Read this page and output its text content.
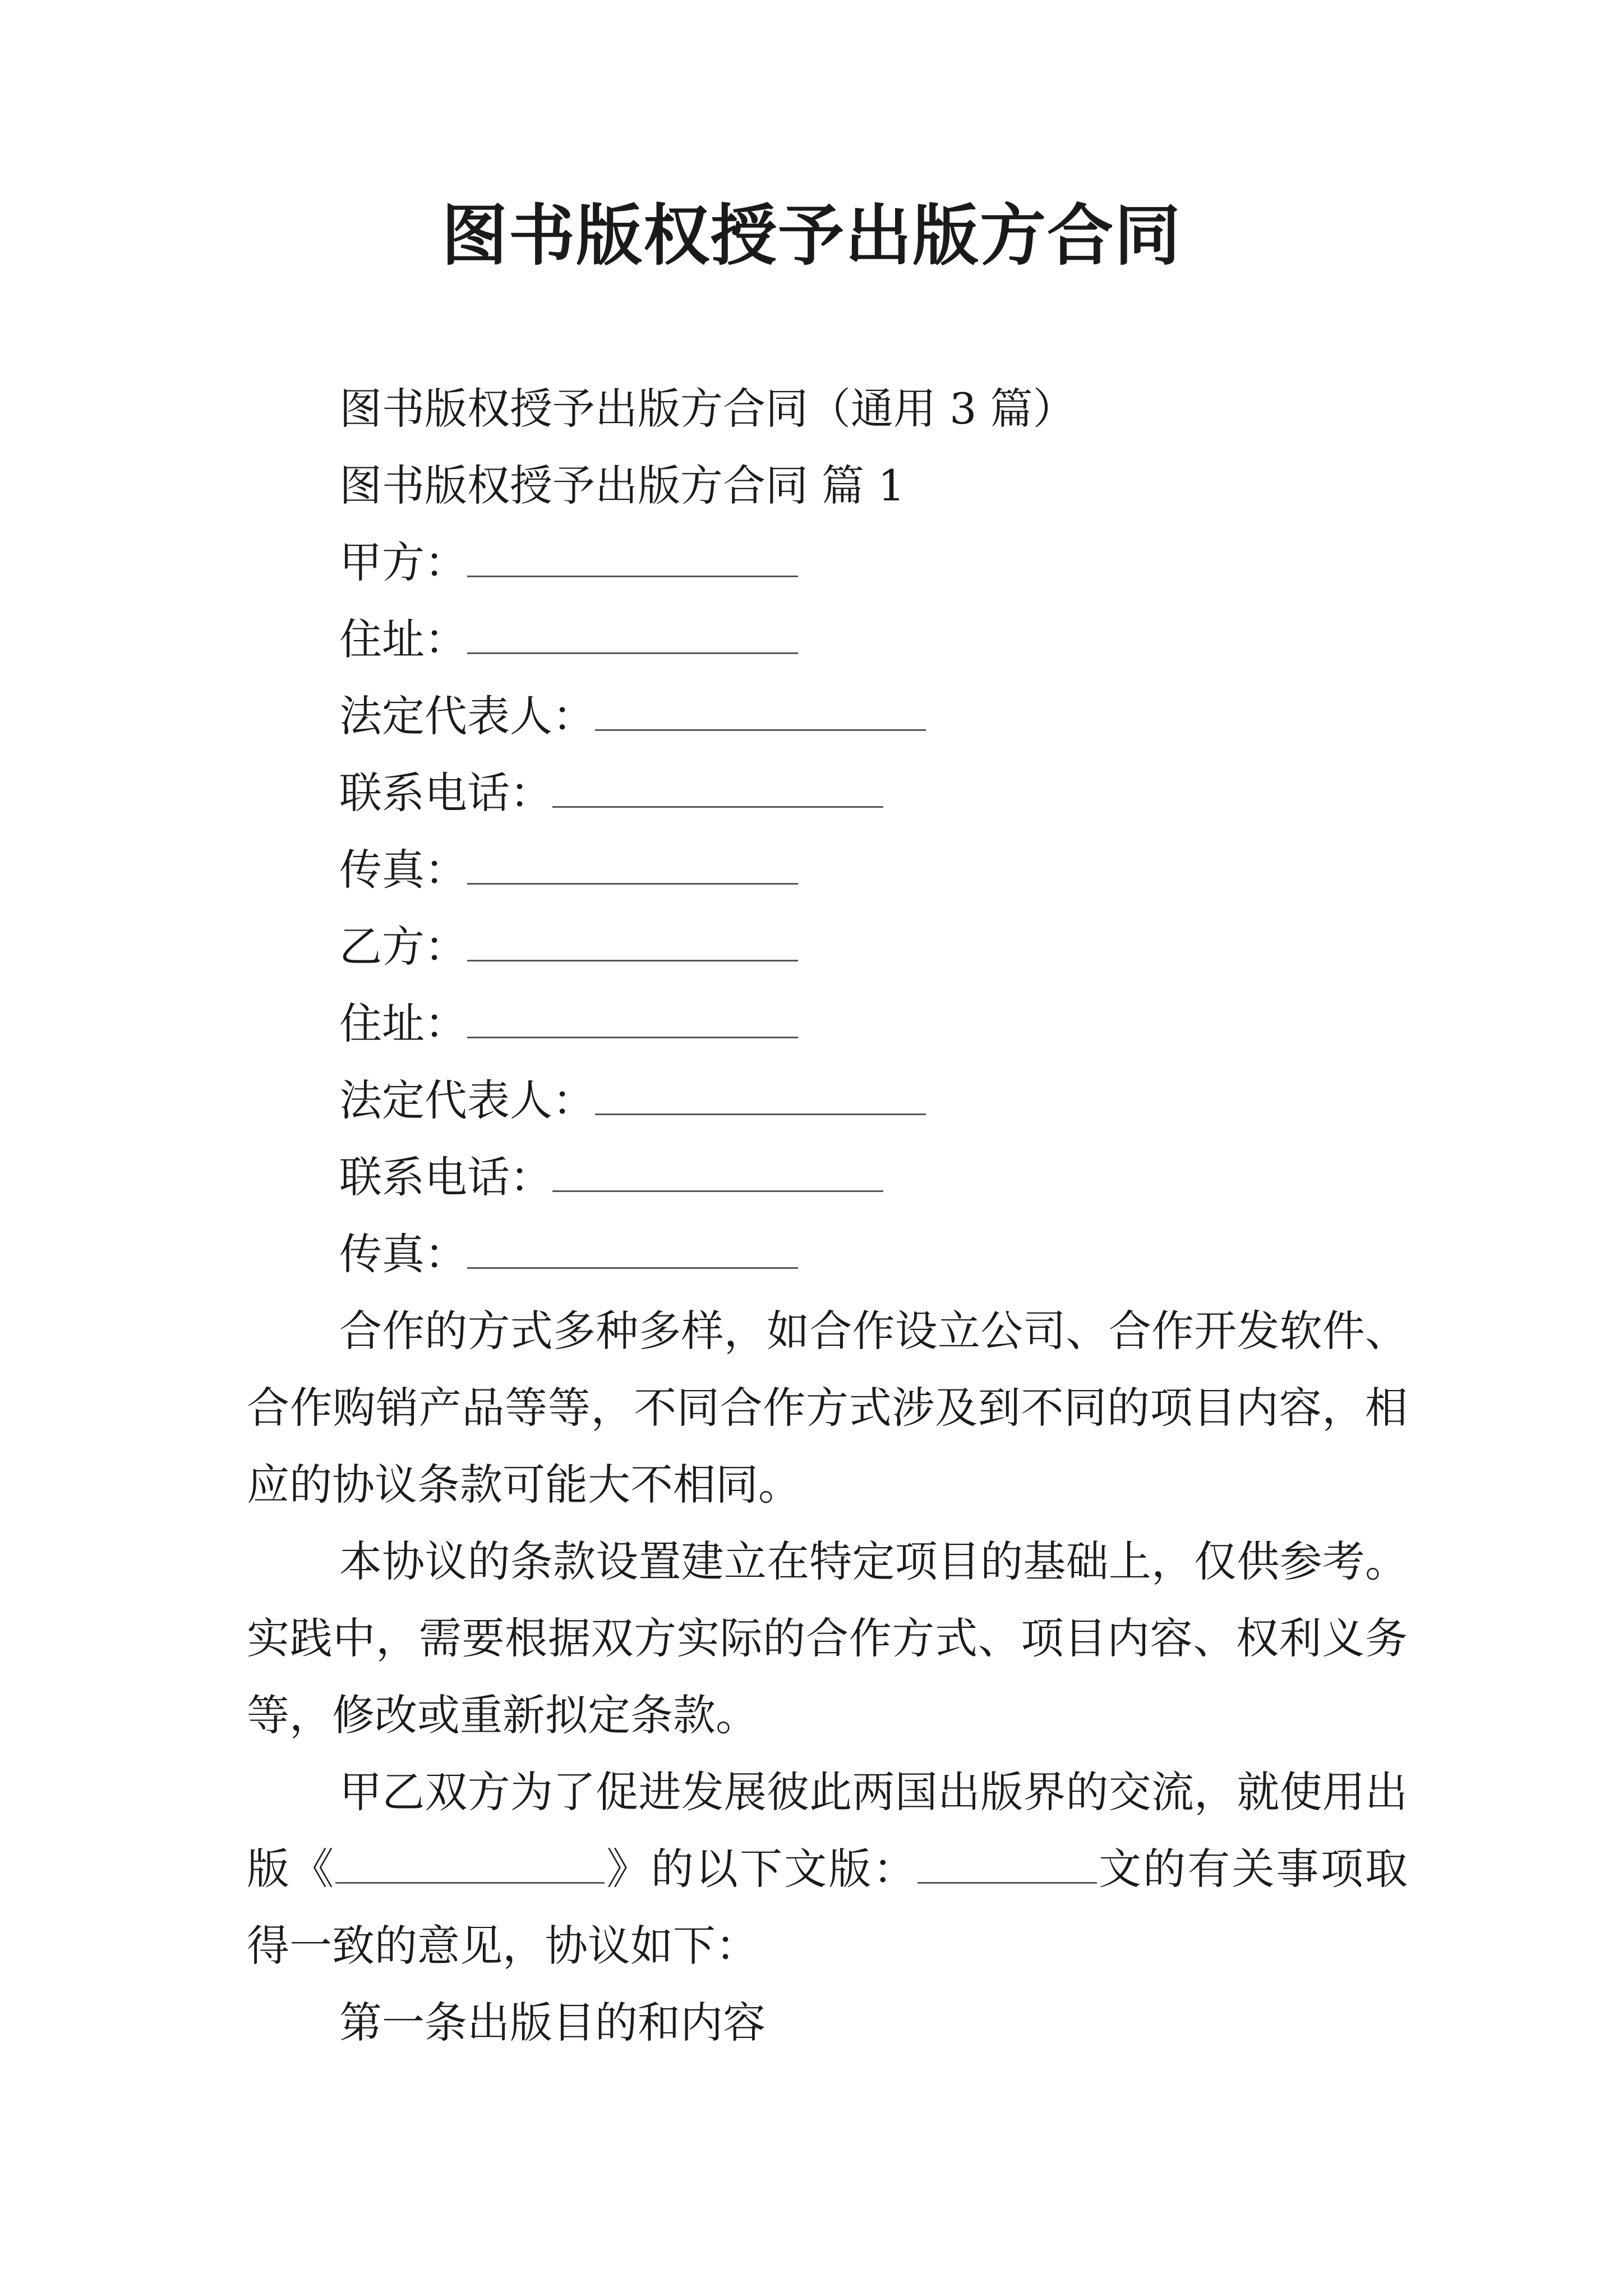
图书版权授予出版方合同
图书版权授予出版方合同（通用 3 篇）
图书版权授予出版方合同 篇 1
甲方：
住址：
法定代表人：
联系电话：
传真：
乙方：
住址：
法定代表人：
联系电话：
传真：

合作的方式多种多样，如合作设立公司、合作开发软件、合作购销产品等等，不同合作方式涉及到不同的项目内容，相应的协议条款可能大不相同。

本协议的条款设置建立在特定项目的基础上，仅供参考。实践中，需要根据双方实际的合作方式、项目内容、权利义务等，修改或重新拟定条款。

甲乙双方为了促进发展彼此两国出版界的交流，就使用出版《	》的以下文版：	文的有关事项取得一致的意见，协议如下：

第一条出版目的和内容
